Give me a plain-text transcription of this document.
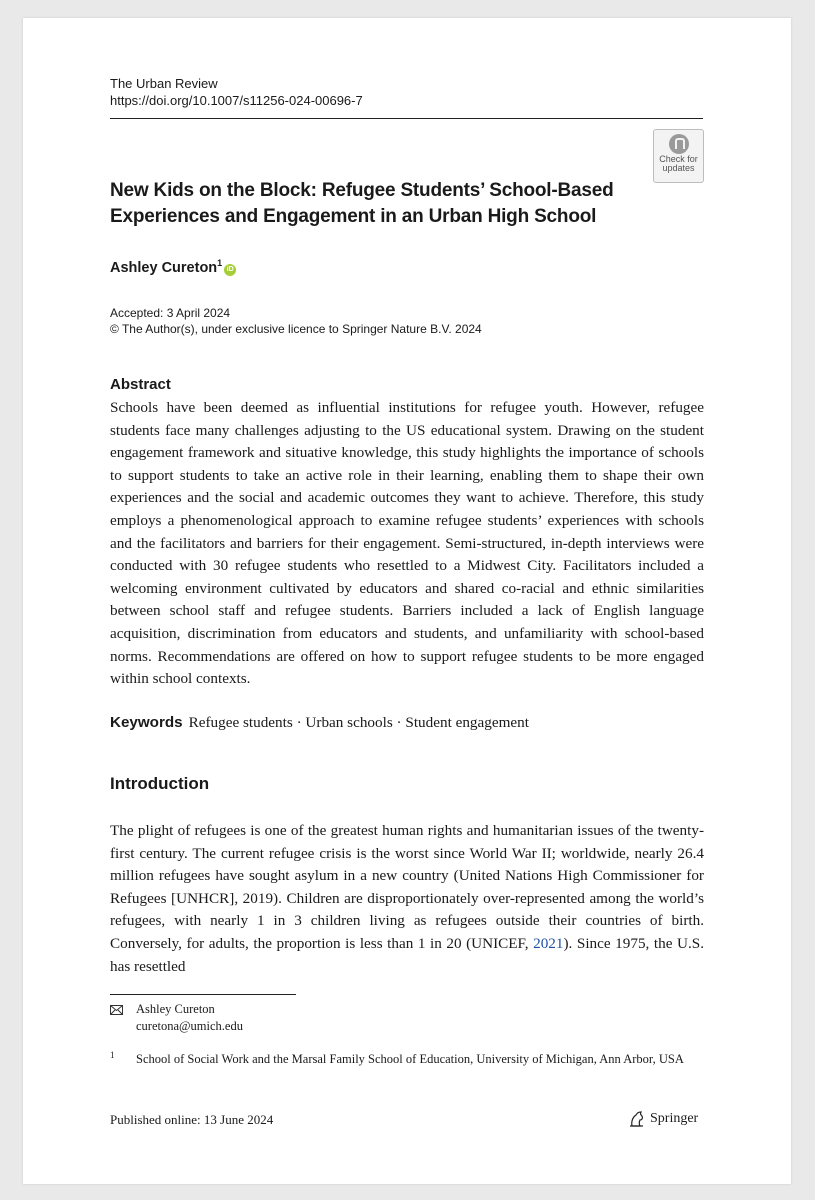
The Urban Review
https://doi.org/10.1007/s11256-024-00696-7
Check for
updates
New Kids on the Block: Refugee Students’ School-Based Experiences and Engagement in an Urban High School
Ashley Cureton$^1$iD
Accepted: 3 April 2024
© The Author(s), under exclusive licence to Springer Nature B.V. 2024
Abstract
Schools have been deemed as influential institutions for refugee youth. However, refugee students face many challenges adjusting to the US educational system. Drawing on the student engagement framework and situative knowledge, this study highlights the importance of schools to support students to take an active role in their learning, enabling them to shape their own experiences and the social and academic outcomes they want to achieve. Therefore, this study employs a phenomenological approach to examine refugee students’ experiences with schools and the facilitators and barriers for their engagement. Semi-structured, in-depth interviews were conducted with 30 refugee students who resettled to a Midwest City. Facilitators included a welcoming environment cultivated by educators and shared co-racial and ethnic similarities between school staff and refugee students. Barriers included a lack of English language acquisition, discrimination from educators and students, and unfamiliarity with school-based norms. Recommendations are offered on how to support refugee students to be more engaged within school contexts.
Keywords Refugee students · Urban schools · Student engagement
Introduction
The plight of refugees is one of the greatest human rights and humanitarian issues of the twenty-first century. The current refugee crisis is the worst since World War II; worldwide, nearly 26.4 million refugees have sought asylum in a new country (United Nations High Commissioner for Refugees [UNHCR], 2019). Children are disproportionately over-represented among the world’s refugees, with nearly 1 in 3 children living as refugees outside their countries of birth. Conversely, for adults, the proportion is less than 1 in 20 (UNICEF, 2021). Since 1975, the U.S. has resettled
Ashley Cureton
curetona@umich.edu
1 School of Social Work and the Marsal Family School of Education, University of Michigan, Ann Arbor, USA
Published online: 13 June 2024	Springer
